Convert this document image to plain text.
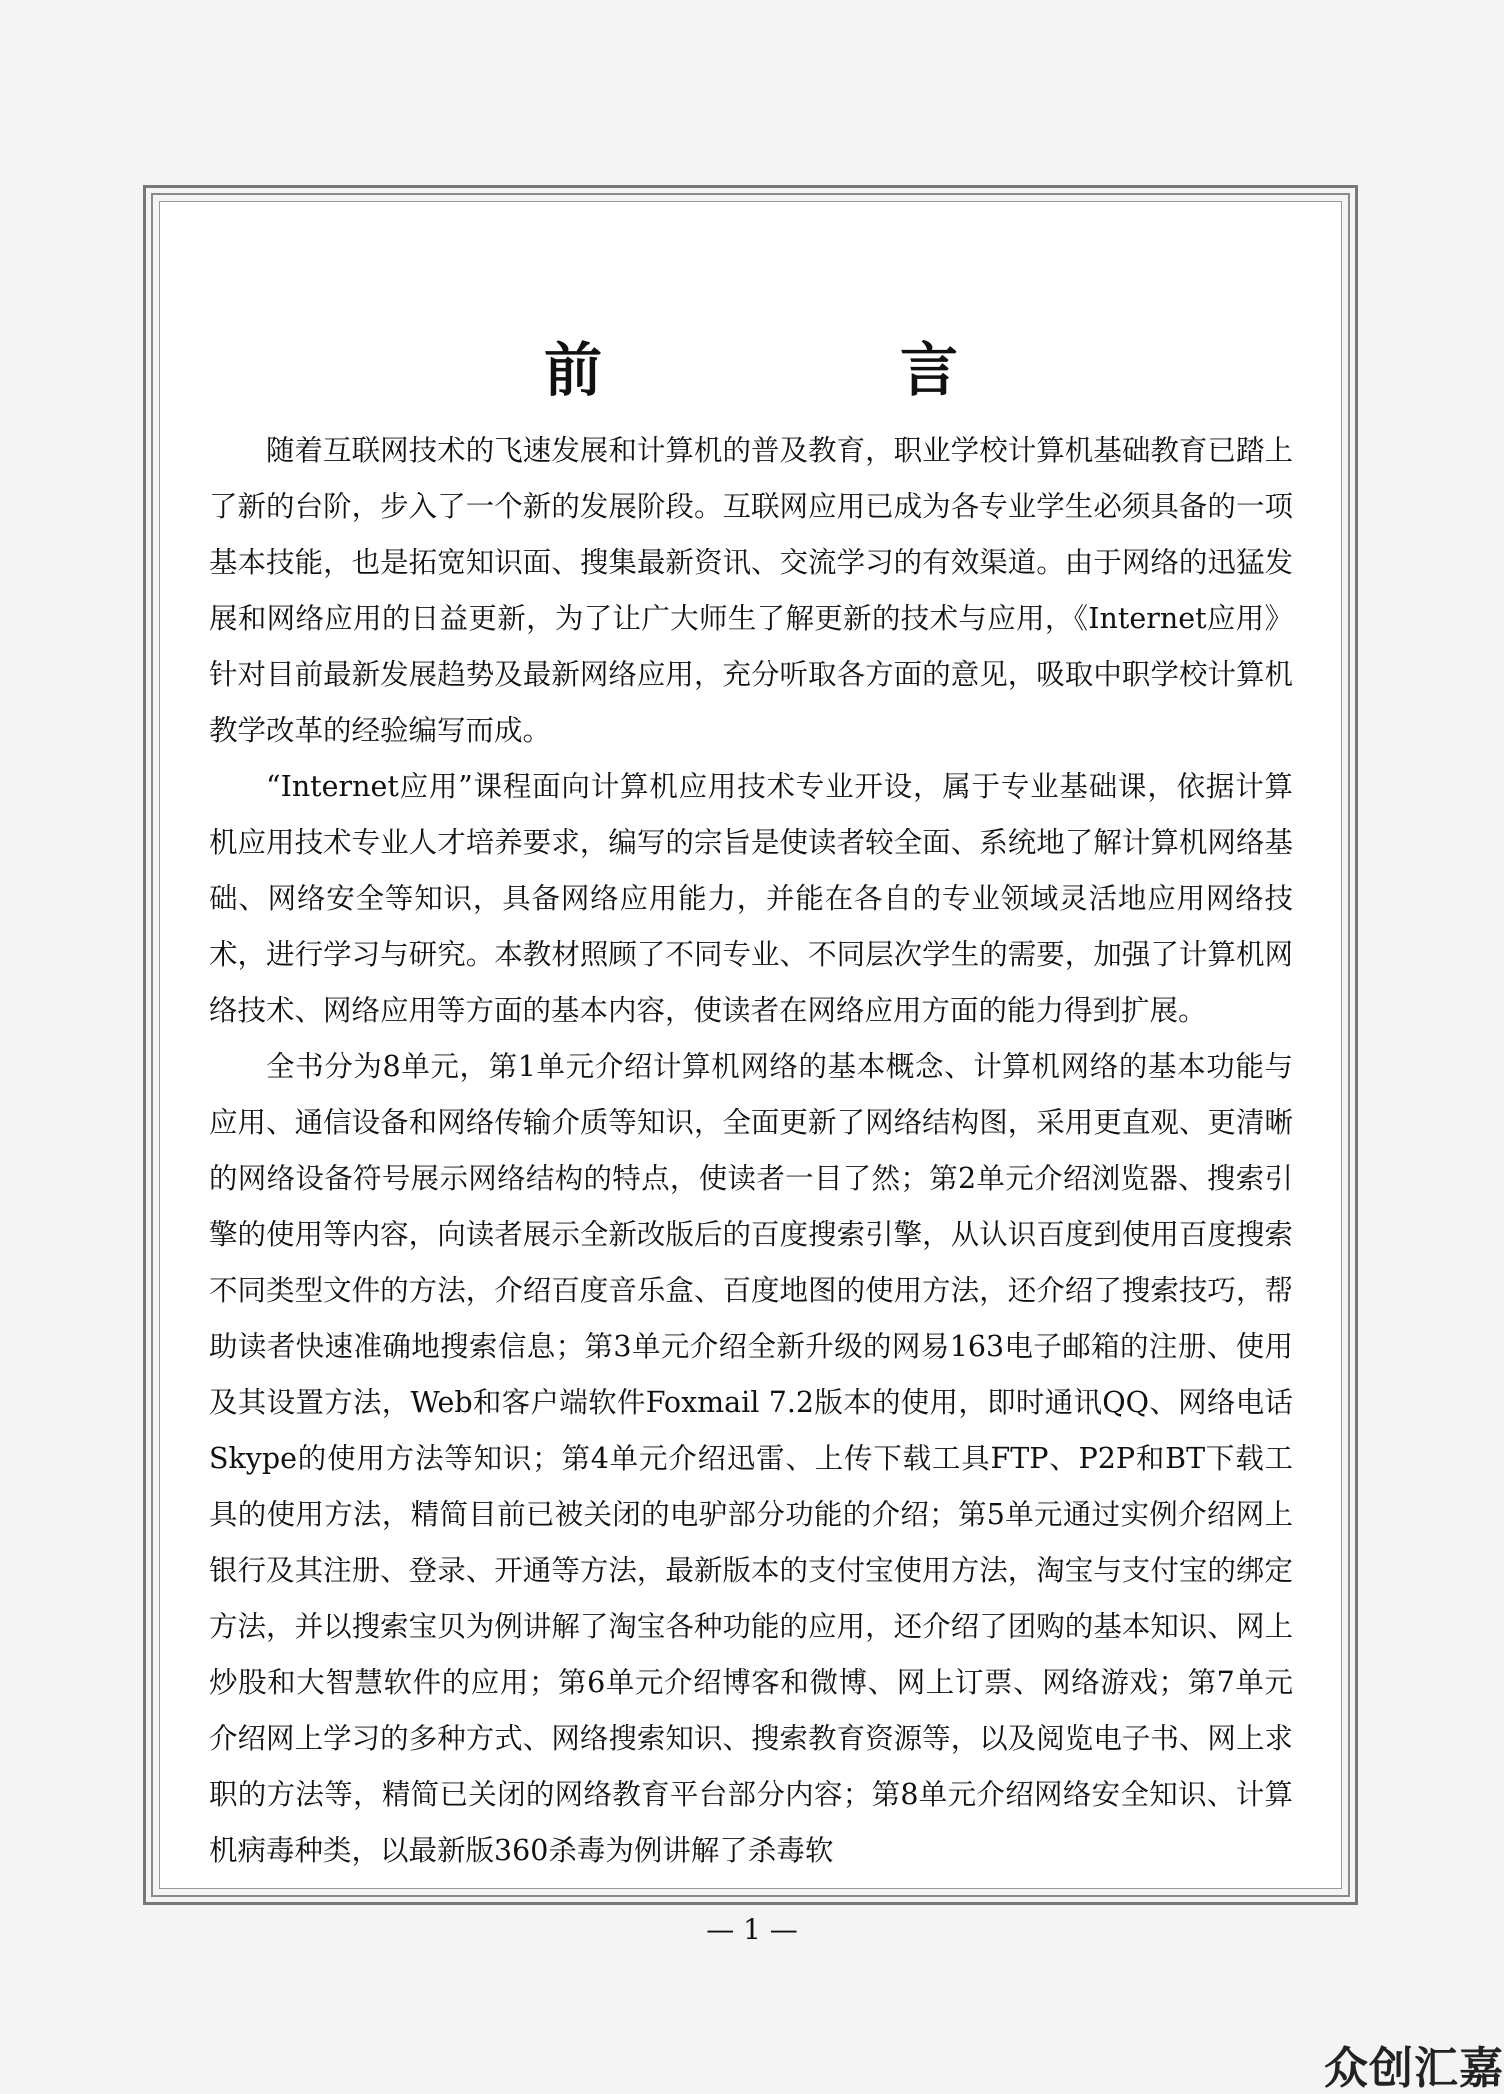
前　言

随着互联网技术的飞速发展和计算机的普及教育，职业学校计算机基础教育已踏上了新的台阶，步入了一个新的发展阶段。互联网应用已成为各专业学生必须具备的一项基本技能，也是拓宽知识面、搜集最新资讯、交流学习的有效渠道。由于网络的迅猛发展和网络应用的日益更新，为了让广大师生了解更新的技术与应用，《Internet应用》针对目前最新发展趋势及最新网络应用，充分听取各方面的意见，吸取中职学校计算机教学改革的经验编写而成。

“Internet应用”课程面向计算机应用技术专业开设，属于专业基础课，依据计算机应用技术专业人才培养要求，编写的宗旨是使读者较全面、系统地了解计算机网络基础、网络安全等知识，具备网络应用能力，并能在各自的专业领域灵活地应用网络技术，进行学习与研究。本教材照顾了不同专业、不同层次学生的需要，加强了计算机网络技术、网络应用等方面的基本内容，使读者在网络应用方面的能力得到扩展。

全书分为8单元，第1单元介绍计算机网络的基本概念、计算机网络的基本功能与应用、通信设备和网络传输介质等知识，全面更新了网络结构图，采用更直观、更清晰的网络设备符号展示网络结构的特点，使读者一目了然；第2单元介绍浏览器、搜索引擎的使用等内容，向读者展示全新改版后的百度搜索引擎，从认识百度到使用百度搜索不同类型文件的方法，介绍百度音乐盒、百度地图的使用方法，还介绍了搜索技巧，帮助读者快速准确地搜索信息；第3单元介绍全新升级的网易163电子邮箱的注册、使用及其设置方法，Web和客户端软件Foxmail 7.2版本的使用，即时通讯QQ、网络电话Skype的使用方法等知识；第4单元介绍迅雷、上传下载工具FTP、P2P和BT下载工具的使用方法，精简目前已被关闭的电驴部分功能的介绍；第5单元通过实例介绍网上银行及其注册、登录、开通等方法，最新版本的支付宝使用方法，淘宝与支付宝的绑定方法，并以搜索宝贝为例讲解了淘宝各种功能的应用，还介绍了团购的基本知识、网上炒股和大智慧软件的应用；第6单元介绍博客和微博、网上订票、网络游戏；第7单元介绍网上学习的多种方式、网络搜索知识、搜索教育资源等，以及阅览电子书、网上求职的方法等，精简已关闭的网络教育平台部分内容；第8单元介绍网络安全知识、计算机病毒种类，以最新版360杀毒为例讲解了杀毒软

— 1 —
众创汇嘉
